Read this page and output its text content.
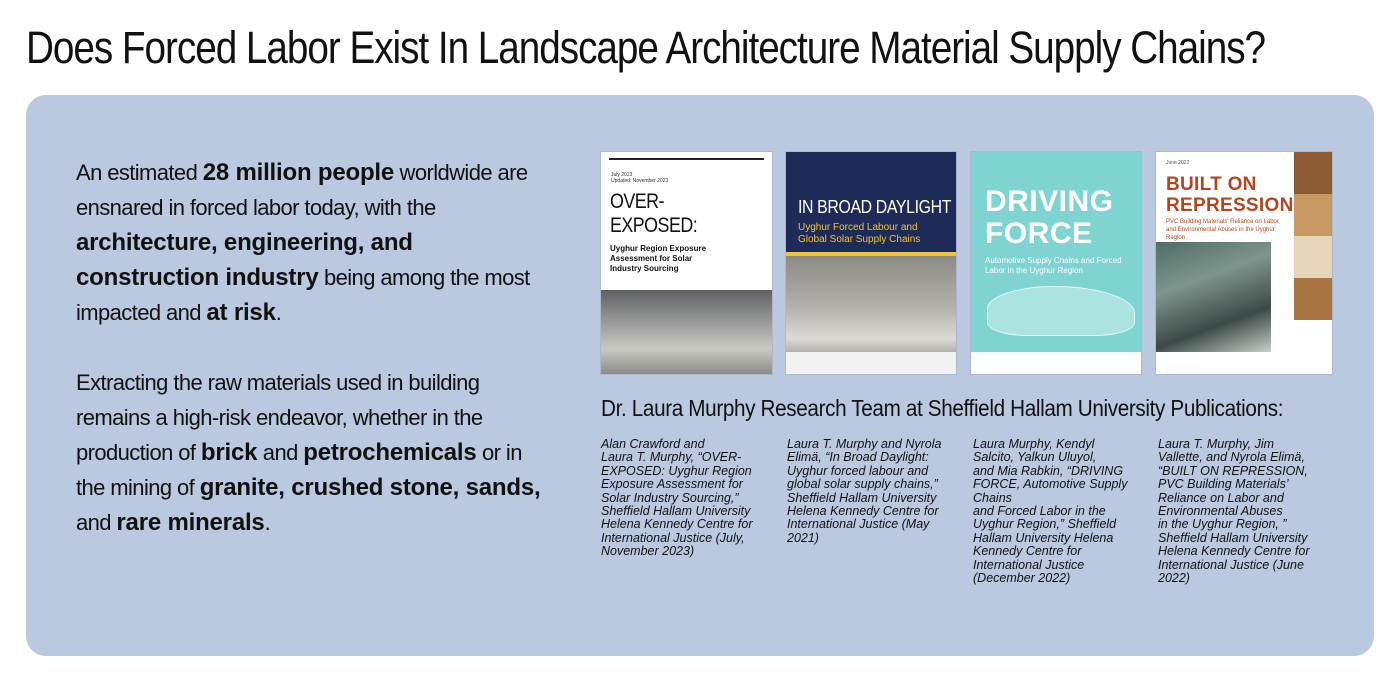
Does Forced Labor Exist In Landscape Architecture Material Supply Chains?

An estimated 28 million people worldwide are ensnared in forced labor today, with the architecture, engineering, and construction industry being among the most impacted and at risk.

Extracting the raw materials used in building remains a high-risk endeavor, whether in the production of brick and petrochemicals or in the mining of granite, crushed stone, sands, and rare minerals.

July 2023
Updated: November 2023
OVER-
EXPOSED:
Uyghur Region Exposure Assessment for Solar Industry Sourcing
IN BROAD DAYLIGHT
Uyghur Forced Labour and Global Solar Supply Chains
DRIVING
FORCE
Automotive Supply Chains and Forced Labor in the Uyghur Region
June 2022
BUILT ON
REPRESSION
PVC Building Materials' Reliance on Labor and Environmental Abuses in the Uyghur Region
Dr. Laura Murphy Research Team at Sheffield Hallam University Publications:
Alan Crawford and
Laura T. Murphy, “OVER-
EXPOSED: Uyghur Region
Exposure Assessment for
Solar Industry Sourcing,”
Sheffield Hallam University
Helena Kennedy Centre for
International Justice (July,
November 2023)
Laura T. Murphy and Nyrola
Elimä, “In Broad Daylight:
Uyghur forced labour and
global solar supply chains,”
Sheffield Hallam University
Helena Kennedy Centre for
International Justice (May
2021)
Laura Murphy, Kendyl
Salcito, Yalkun Uluyol,
and Mia Rabkin, “DRIVING
FORCE, Automotive Supply
Chains
and Forced Labor in the
Uyghur Region,” Sheffield
Hallam University Helena
Kennedy Centre for
International Justice
(December 2022)
Laura T. Murphy, Jim
Vallette, and Nyrola Elimä,
“BUILT ON REPRESSION,
PVC Building Materials’
Reliance on Labor and
Environmental Abuses
in the Uyghur Region, ”
Sheffield Hallam University
Helena Kennedy Centre for
International Justice (June
2022)
